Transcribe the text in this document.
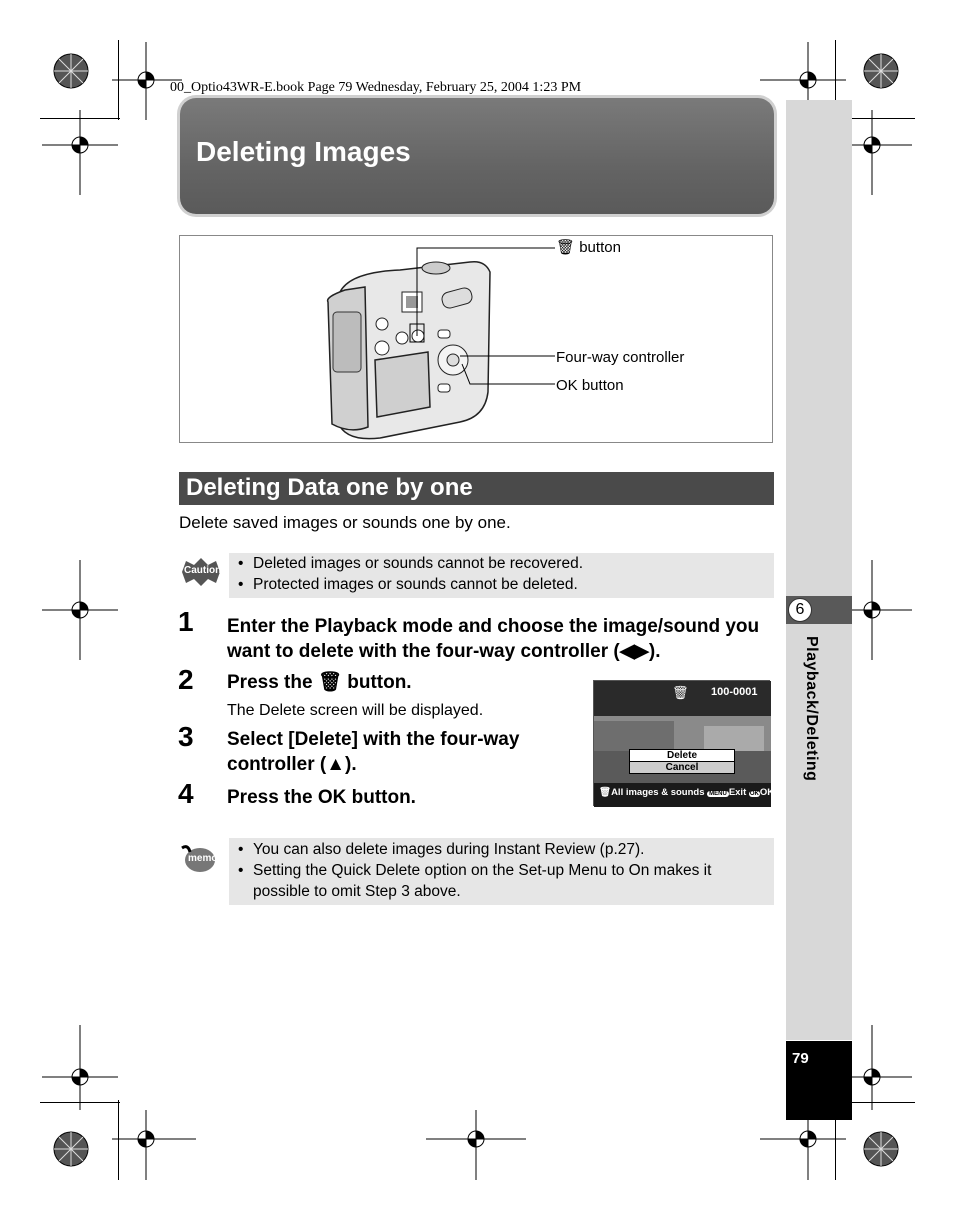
00_Optio43WR-E.book Page 79 Wednesday, February 25, 2004 1:23 PM
6
Playback/Deleting
79
Deleting Images
🗑 button
Four-way controller
OK button
Deleting Data one by one
Delete saved images or sounds one by one.
Caution • Deleted images or sounds cannot be recovered.
• Protected images or sounds cannot be deleted.
1 Enter the Playback mode and choose the image/sound you want to delete with the four-way controller (◀▶).
2 Press the 🗑 button.
The Delete screen will be displayed.
3 Select [Delete] with the four-way controller (▲).
4 Press the OK button.
🗑 100-0001
Delete
Cancel
🗑All images & sounds MENU Exit OKOK
memo
• You can also delete images during Instant Review (p.27).
• Setting the Quick Delete option on the Set-up Menu to On makes it possible to omit Step 3 above.
